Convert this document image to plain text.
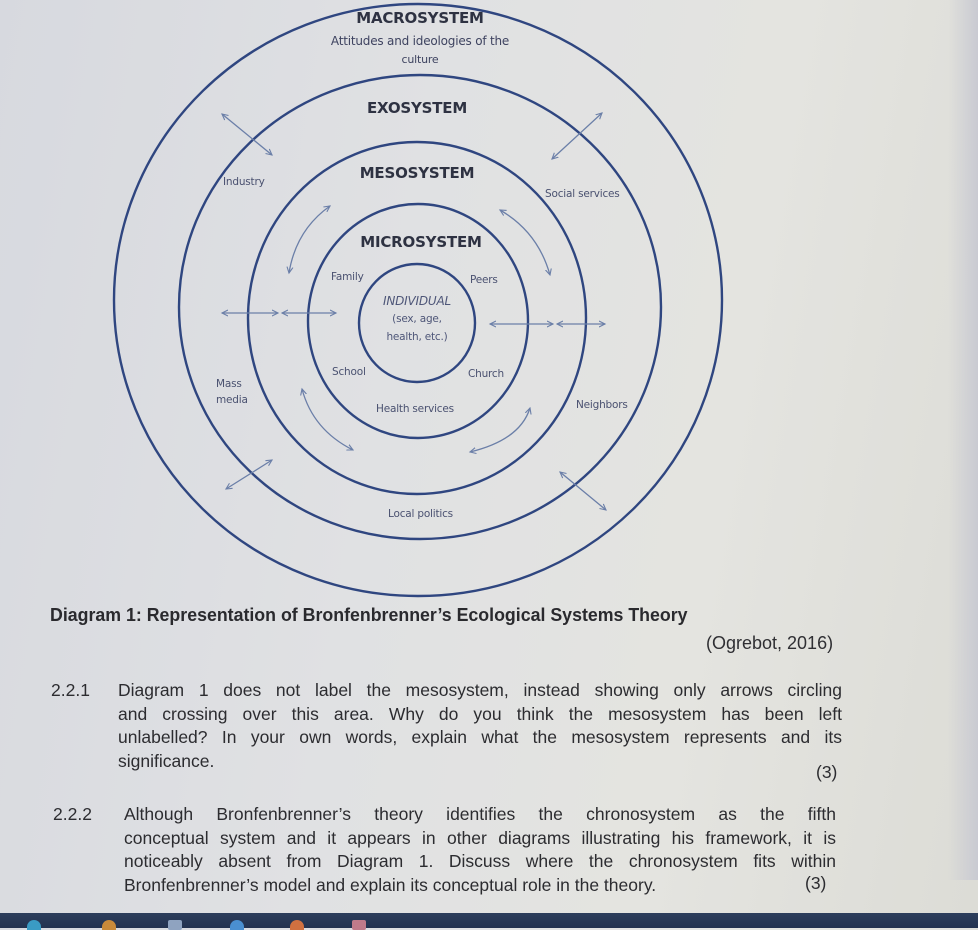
MACROSYSTEM
Attitudes and ideologies of the
culture
EXOSYSTEM
MESOSYSTEM
MICROSYSTEM
Industry
Social services
Mass
media	Neighbors
Local politics
Family	Peers
School	Church
Health services
INDIVIDUAL
(sex, age,
health, etc.)
Diagram 1: Representation of Bronfenbrenner’s Ecological Systems Theory
(Ogrebot, 2016)
2.2.1 Diagram 1 does not label the mesosystem, instead showing only arrows circling
and crossing over this area. Why do you think the mesosystem has been left
unlabelled? In your own words, explain what the mesosystem represents and its
significance.
(3)
2.2.2 Although Bronfenbrenner’s theory identifies the chronosystem as the fifth
conceptual system and it appears in other diagrams illustrating his framework, it is
noticeably absent from Diagram 1. Discuss where the chronosystem fits within
Bronfenbrenner’s model and explain its conceptual role in the theory.	(3)
